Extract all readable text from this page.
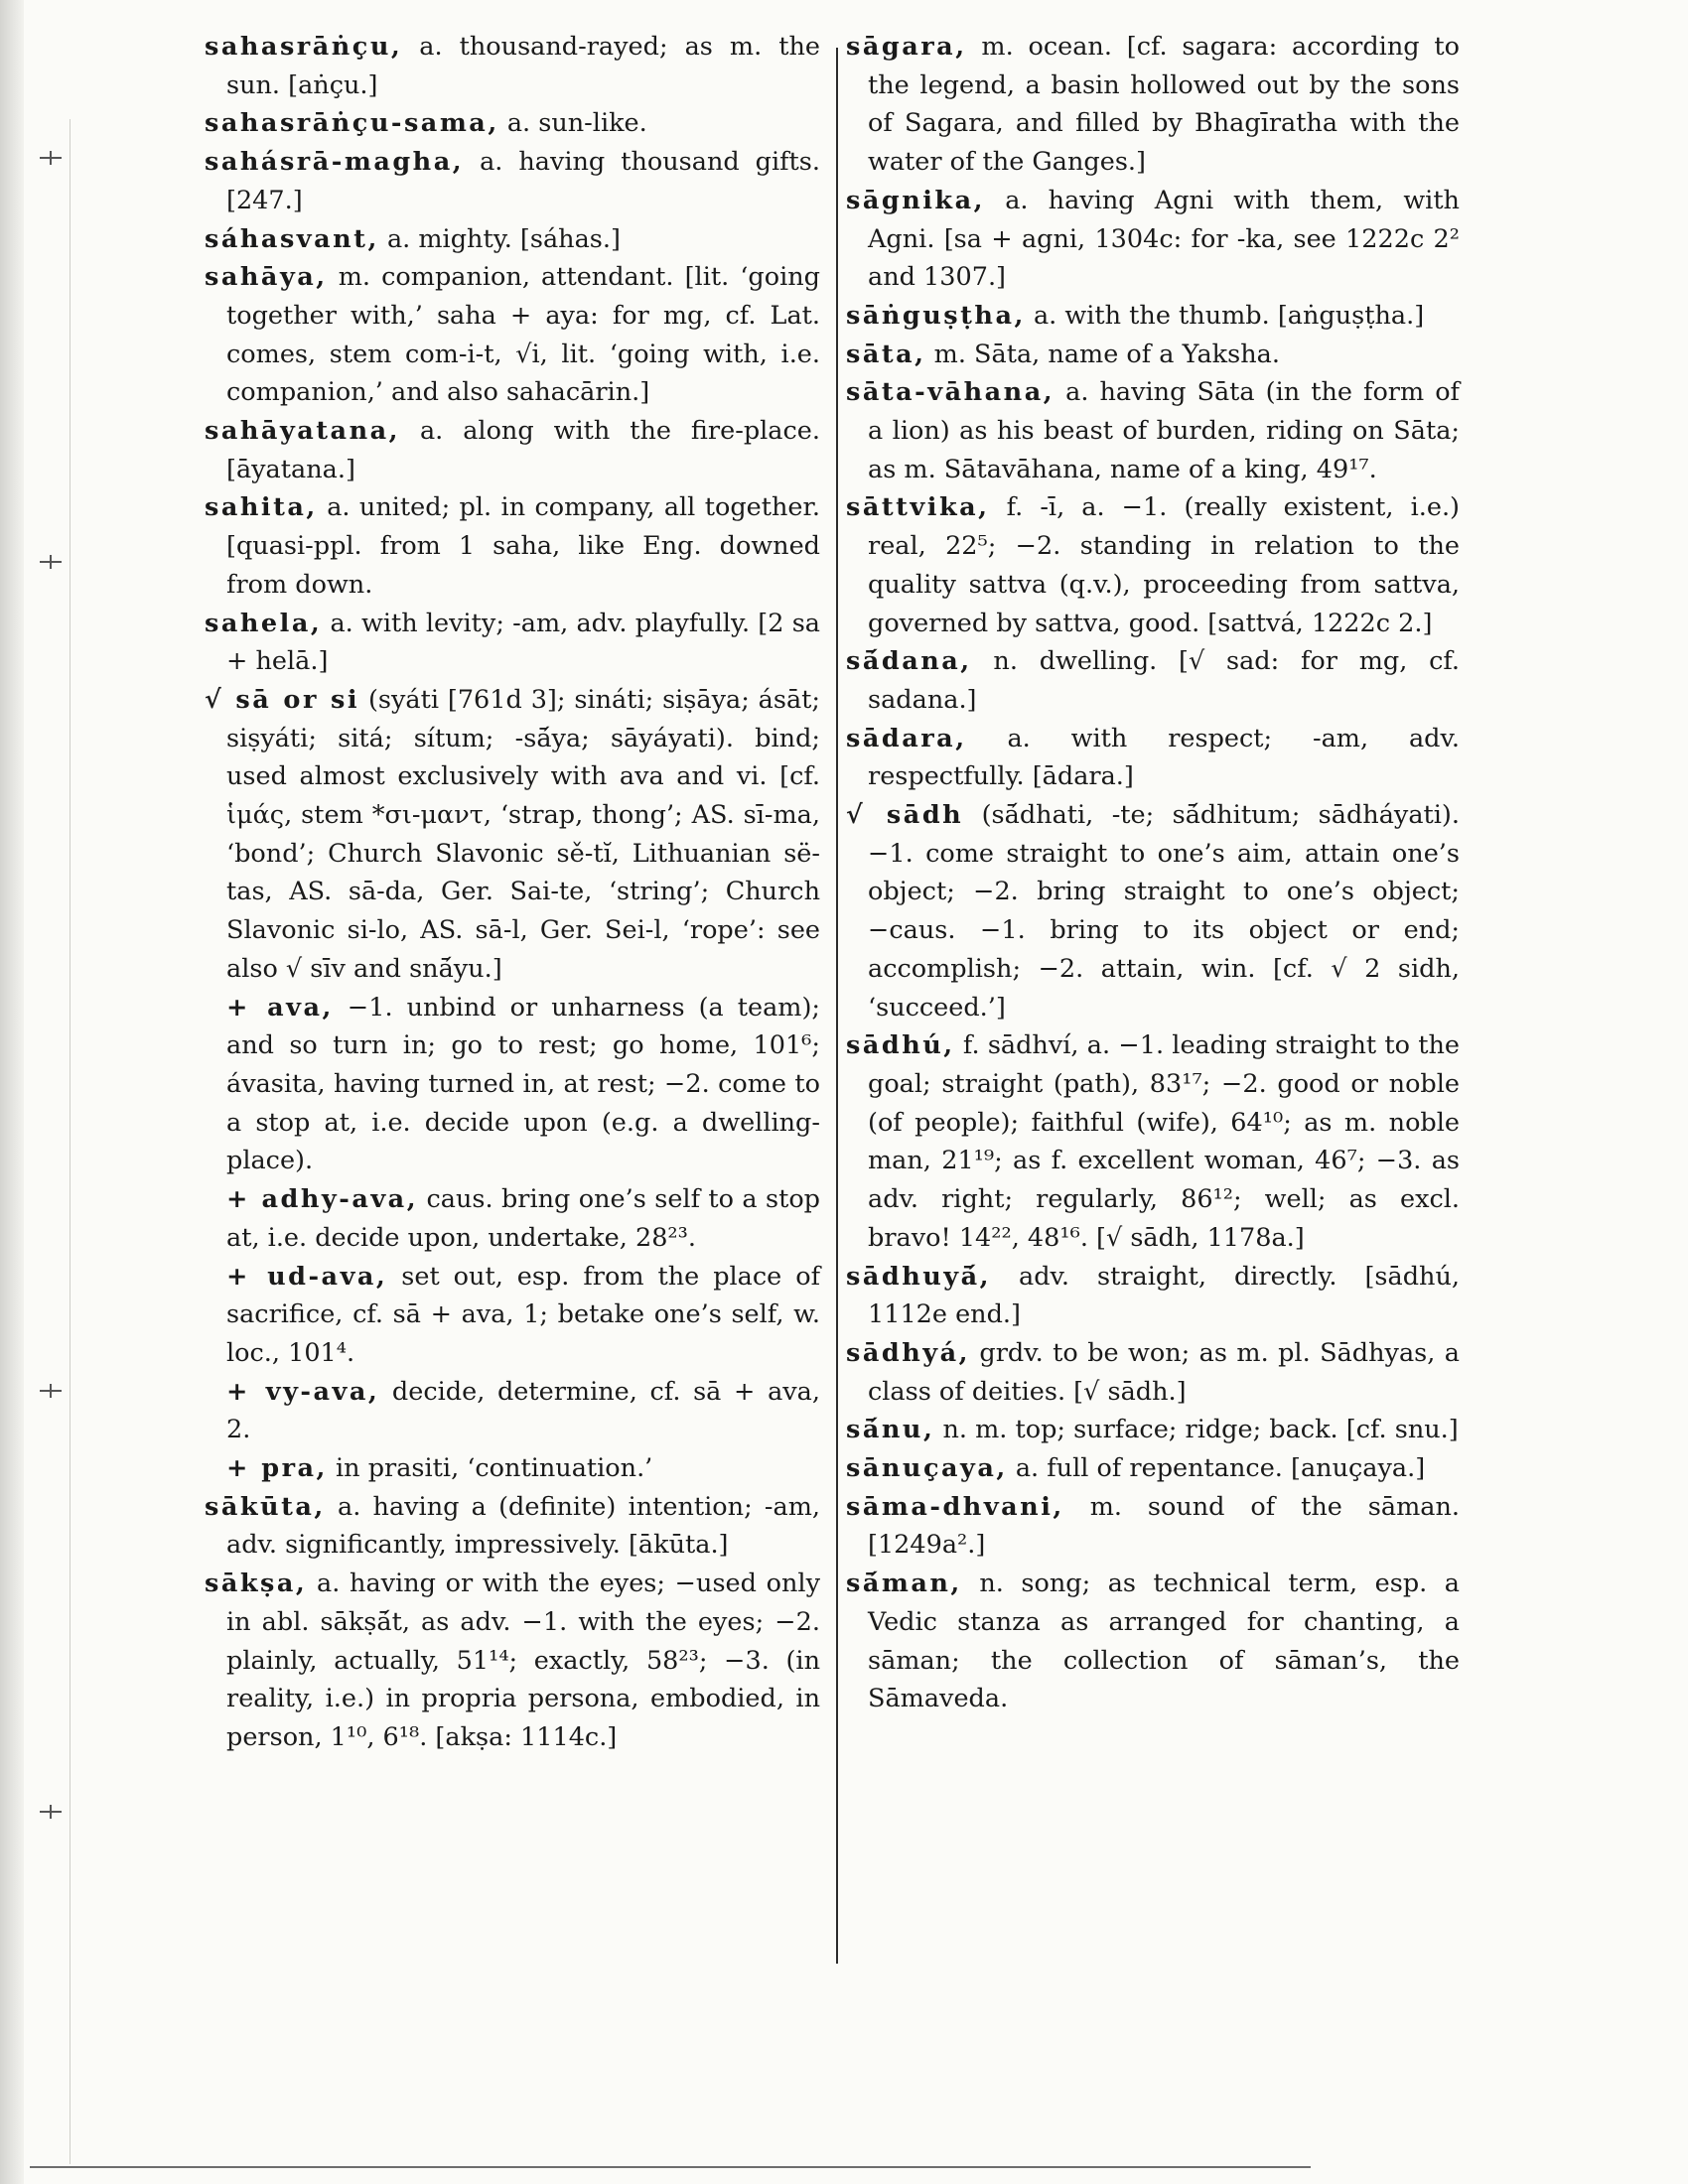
sahasrāṅçu, a. thousand-rayed; as m. the sun. [aṅçu.]

sahasrāṅçu-sama, a. sun-like.

sahásrā-magha, a. having thousand gifts. [247.]

sáhasvant, a. mighty. [sáhas.]

sahāya, m. companion, attendant. [lit. ‘going together with,’ saha + aya: for mg, cf. Lat. comes, stem com-i-t, √i, lit. ‘going with, i.e. companion,’ and also sahacārin.]

sahāyatana, a. along with the fire-place. [āyatana.]

sahita, a. united; pl. in company, all together. [quasi-ppl. from 1 saha, like Eng. downed from down.

sahela, a. with levity; -am, adv. playfully. [2 sa + helā.]

√ sā or si (syáti [761d 3]; sináti; siṣāya; ásāt; siṣyáti; sitá; sítum; -sā́ya; sāyáyati). bind; used almost exclusively with ava and vi. [cf. ἱμάς, stem *σι-μαντ, ‘strap, thong’; AS. sī-ma, ‘bond’; Church Slavonic sě-tĭ, Lithuanian së-tas, AS. sā-da, Ger. Sai-te, ‘string’; Church Slavonic si-lo, AS. sā-l, Ger. Sei-l, ‘rope’: see also √ sīv and snā́yu.]

+ ava, −1. unbind or unharness (a team); and so turn in; go to rest; go home, 101⁶; ávasita, having turned in, at rest; −2. come to a stop at, i.e. decide upon (e.g. a dwelling-place).

+ adhy-ava, caus. bring one’s self to a stop at, i.e. decide upon, undertake, 28²³.

+ ud-ava, set out, esp. from the place of sacrifice, cf. sā + ava, 1; betake one’s self, w. loc., 101⁴.

+ vy-ava, decide, determine, cf. sā + ava, 2.

+ pra, in prasiti, ‘continuation.’

sākūta, a. having a (definite) intention; -am, adv. significantly, impressively. [ākūta.]

sākṣa, a. having or with the eyes; −used only in abl. sākṣā́t, as adv. −1. with the eyes; −2. plainly, actually, 51¹⁴; exactly, 58²³; −3. (in reality, i.e.) in propria persona, embodied, in person, 1¹⁰, 6¹⁸. [akṣa: 1114c.]

sāgara, m. ocean. [cf. sagara: according to the legend, a basin hollowed out by the sons of Sagara, and filled by Bhagīratha with the water of the Ganges.]

sāgnika, a. having Agni with them, with Agni. [sa + agni, 1304c: for -ka, see 1222c 2² and 1307.]

sāṅguṣṭha, a. with the thumb. [aṅguṣṭha.]

sāta, m. Sāta, name of a Yaksha.

sāta-vāhana, a. having Sāta (in the form of a lion) as his beast of burden, riding on Sāta; as m. Sātavāhana, name of a king, 49¹⁷.

sāttvika, f. -ī, a. −1. (really existent, i.e.) real, 22⁵; −2. standing in relation to the quality sattva (q.v.), proceeding from sattva, governed by sattva, good. [sattvá, 1222c 2.]

sā́dana, n. dwelling. [√ sad: for mg, cf. sadana.]

sādara, a. with respect; -am, adv. respectfully. [ādara.]

√ sādh (sā́dhati, -te; sā́dhitum; sādháyati). −1. come straight to one’s aim, attain one’s object; −2. bring straight to one’s object; −caus. −1. bring to its object or end; accomplish; −2. attain, win. [cf. √ 2 sidh, ‘succeed.’]

sādhú, f. sādhví, a. −1. leading straight to the goal; straight (path), 83¹⁷; −2. good or noble (of people); faithful (wife), 64¹⁰; as m. noble man, 21¹⁹; as f. excellent woman, 46⁷; −3. as adv. right; regularly, 86¹²; well; as excl. bravo! 14²², 48¹⁶. [√ sādh, 1178a.]

sādhuyā́, adv. straight, directly. [sādhú, 1112e end.]

sādhyá, grdv. to be won; as m. pl. Sādhyas, a class of deities. [√ sādh.]

sā́nu, n. m. top; surface; ridge; back. [cf. snu.]

sānuçaya, a. full of repentance. [anuçaya.]

sāma-dhvani, m. sound of the sāman. [1249a².]

sā́man, n. song; as technical term, esp. a Vedic stanza as arranged for chanting, a sāman; the collection of sāman’s, the Sāmaveda.
